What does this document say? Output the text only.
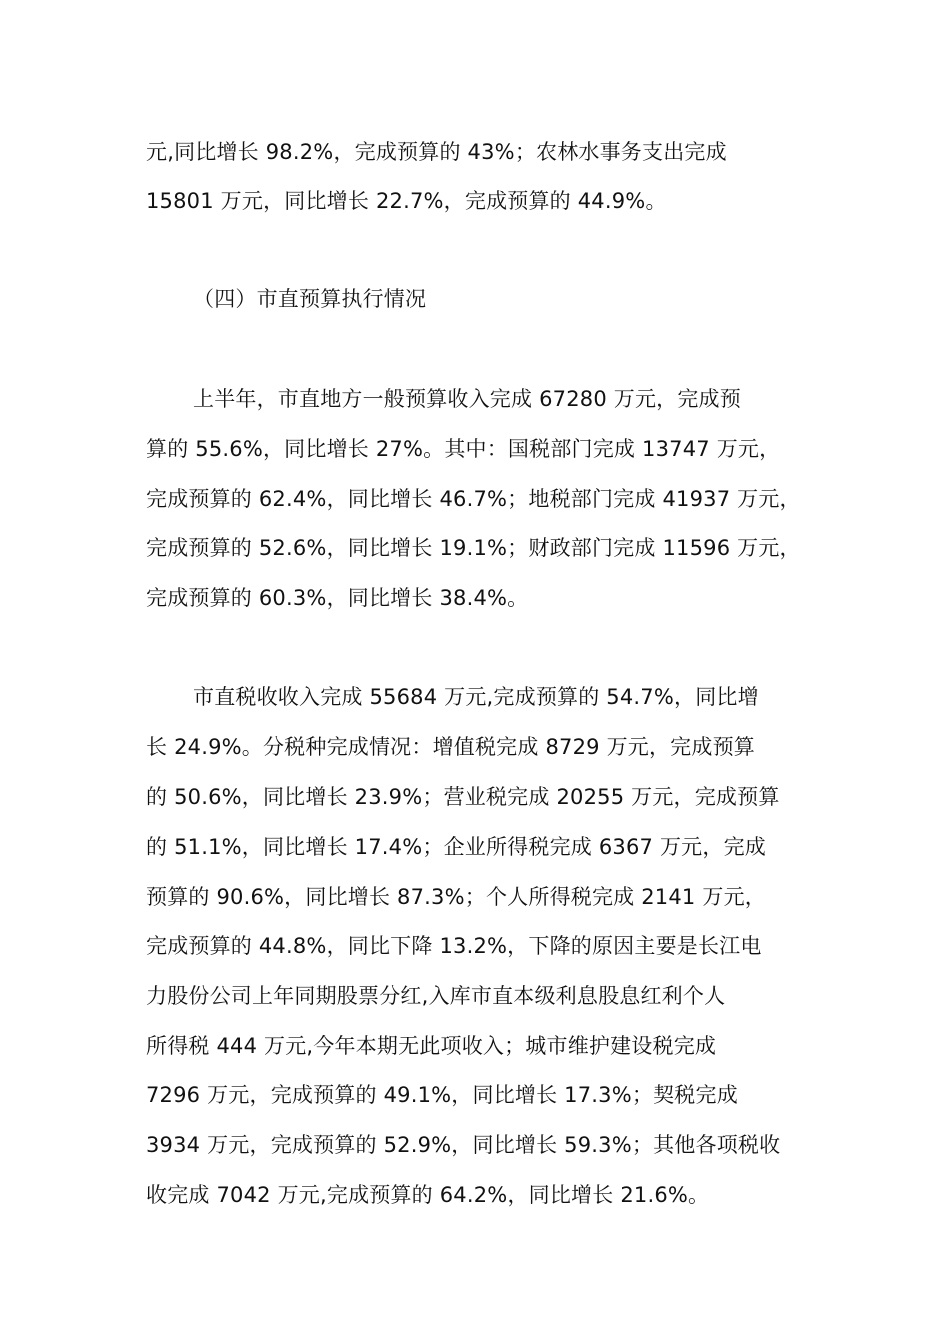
元,同比增长 98.2%，完成预算的 43%；农林水事务支出完成
15801 万元，同比增长 22.7%，完成预算的 44.9%。
（四）市直预算执行情况
上半年，市直地方一般预算收入完成 67280 万元，完成预
算的 55.6%，同比增长 27%。其中：国税部门完成 13747 万元，
完成预算的 62.4%，同比增长 46.7%；地税部门完成 41937 万元，
完成预算的 52.6%，同比增长 19.1%；财政部门完成 11596 万元，
完成预算的 60.3%，同比增长 38.4%。
市直税收收入完成 55684 万元,完成预算的 54.7%，同比增
长 24.9%。分税种完成情况：增值税完成 8729 万元，完成预算
的 50.6%，同比增长 23.9%；营业税完成 20255 万元，完成预算
的 51.1%，同比增长 17.4%；企业所得税完成 6367 万元，完成
预算的 90.6%，同比增长 87.3%；个人所得税完成 2141 万元，
完成预算的 44.8%，同比下降 13.2%，下降的原因主要是长江电
力股份公司上年同期股票分红,入库市直本级利息股息红利个人
所得税 444 万元,今年本期无此项收入；城市维护建设税完成
7296 万元，完成预算的 49.1%，同比增长 17.3%；契税完成
3934 万元，完成预算的 52.9%，同比增长 59.3%；其他各项税收
收完成 7042 万元,完成预算的 64.2%，同比增长 21.6%。
